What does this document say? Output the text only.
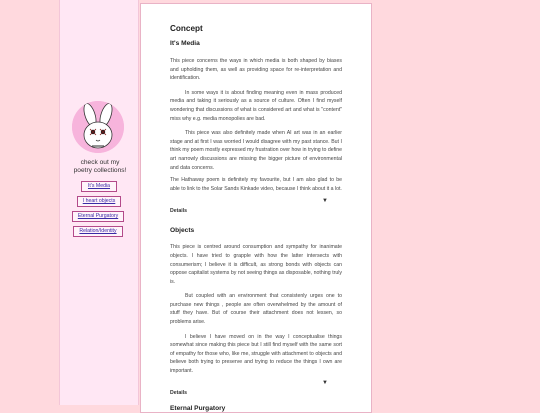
check out my
poetry collections!
It's Media
I heart objects
Eternal Purgatory
Relation/Identity
Concept
It's Media

This piece concerns the ways in which media is both shaped by biases and upholding them, as well as providing space for re-interpretation and identification.

In some ways it is about finding meaning even in mass produced media and taking it seriously as a source of culture. Often I find myself wondering that discussions of what is considered art and what is "content" miss why e.g. media monopolies are bad.

This piece was also definitely made when AI art was in an earlier stage and at first I was worried I would disagree with my past stance. But I think my poem mostly expressed my frustration over how in trying to define art narrowly discussions are missing the bigger picture of environmental and data concerns.

The Hathaway poem is definitely my favourite, but I am also glad to be able to link to the Solar Sands Kinkade video, because I think about it a lot.

Details
▼
Objects

This piece is centred around consumption and sympathy for inanimate objects. I have tried to grapple with how the latter intersects with consumerism; I believe it is difficult, as strong bonds with objects can oppose capitalist systems by not seeing things as disposable, nothing truly is.

But coupled with an environment that consistenly urges one to purchase new things , people are often overwhelmed by the amount of stuff they have. But of course their attachment does not lessen, so problems arise.

I believe I have moved on in the way I conceptualise things somewhat since making this piece but I still find myself with the same sort of empathy for those who, like me, struggle with attachment to objects and believe both trying to preserve and trying to reduce the things I own are important.

Details
▼
Eternal Purgatory
